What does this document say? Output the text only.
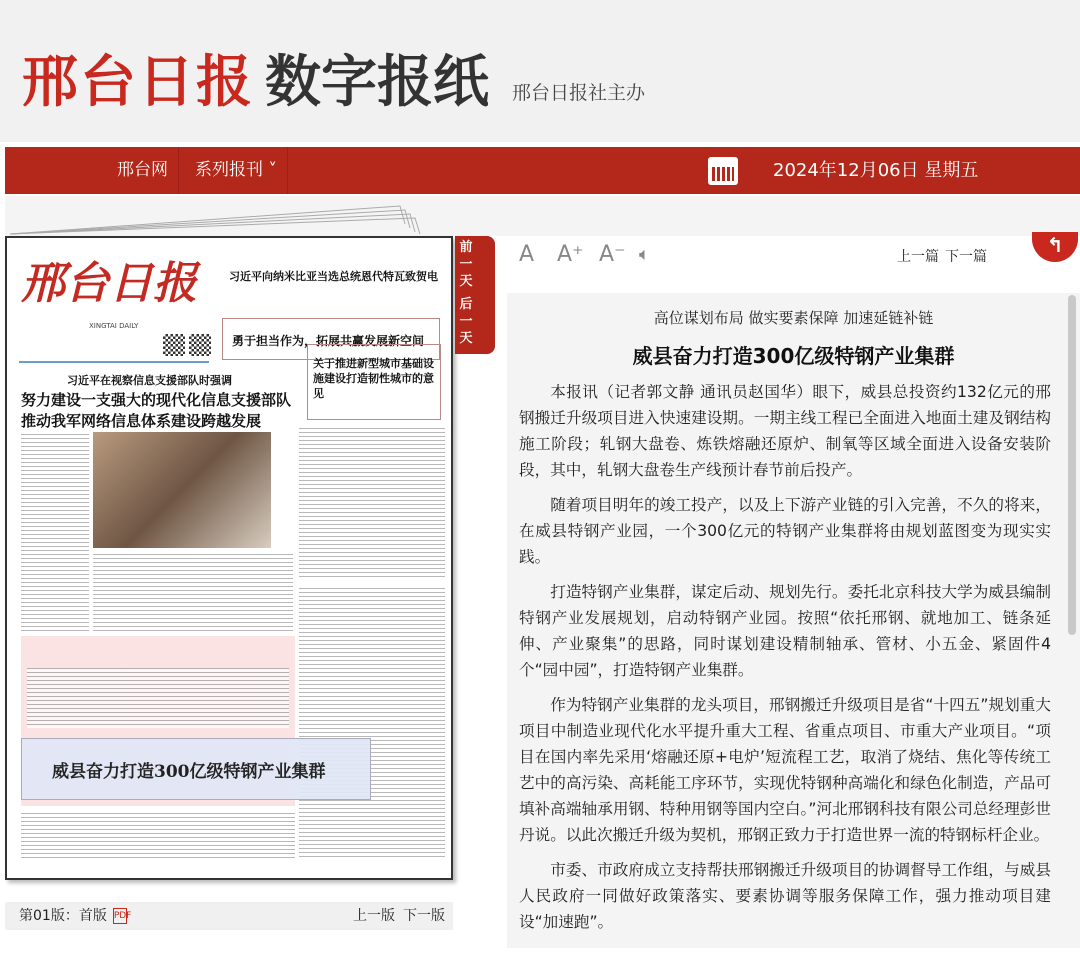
邢台日报 数字报纸 邢台日报社主办
邢台网	系列报刊 ˅	2024年12月06日 星期五
邢台日报
XINGTAI DAILY
习近平向纳米比亚当选总统恩代特瓦致贺电
勇于担当作为，拓展共赢发展新空间
习近平在视察信息支援部队时强调
努力建设一支强大的现代化信息支援部队
推动我军网络信息体系建设跨越发展
关于推进新型城市基础设施建设打造韧性城市的意见
威县奋力打造300亿级特钢产业集群
前一天
后一天
A A⁺ A⁻ 🔈︎	上一篇 下一篇	↰
高位谋划布局 做实要素保障 加速延链补链
威县奋力打造300亿级特钢产业集群

本报讯（记者郭文静 通讯员赵国华）眼下，威县总投资约132亿元的邢钢搬迁升级项目进入快速建设期。一期主线工程已全面进入地面土建及钢结构施工阶段；轧钢大盘卷、炼铁熔融还原炉、制氧等区域全面进入设备安装阶段，其中，轧钢大盘卷生产线预计春节前后投产。

随着项目明年的竣工投产，以及上下游产业链的引入完善，不久的将来，在威县特钢产业园，一个300亿元的特钢产业集群将由规划蓝图变为现实实践。

打造特钢产业集群，谋定后动、规划先行。委托北京科技大学为威县编制特钢产业发展规划，启动特钢产业园。按照“依托邢钢、就地加工、链条延伸、产业聚集”的思路，同时谋划建设精制轴承、管材、小五金、紧固件4个“园中园”，打造特钢产业集群。

作为特钢产业集群的龙头项目，邢钢搬迁升级项目是省“十四五”规划重大项目中制造业现代化水平提升重大工程、省重点项目、市重大产业项目。“项目在国内率先采用‘熔融还原+电炉’短流程工艺，取消了烧结、焦化等传统工艺中的高污染、高耗能工序环节，实现优特钢种高端化和绿色化制造，产品可填补高端轴承用钢、特种用钢等国内空白。”河北邢钢科技有限公司总经理彭世丹说。以此次搬迁升级为契机，邢钢正致力于打造世界一流的特钢标杆企业。

市委、市政府成立支持帮扶邢钢搬迁升级项目的协调督导工作组，与威县人民政府一同做好政策落实、要素协调等服务保障工作，强力推动项目建设“加速跑”。

第01版：首版 PDF	上一版 下一版
